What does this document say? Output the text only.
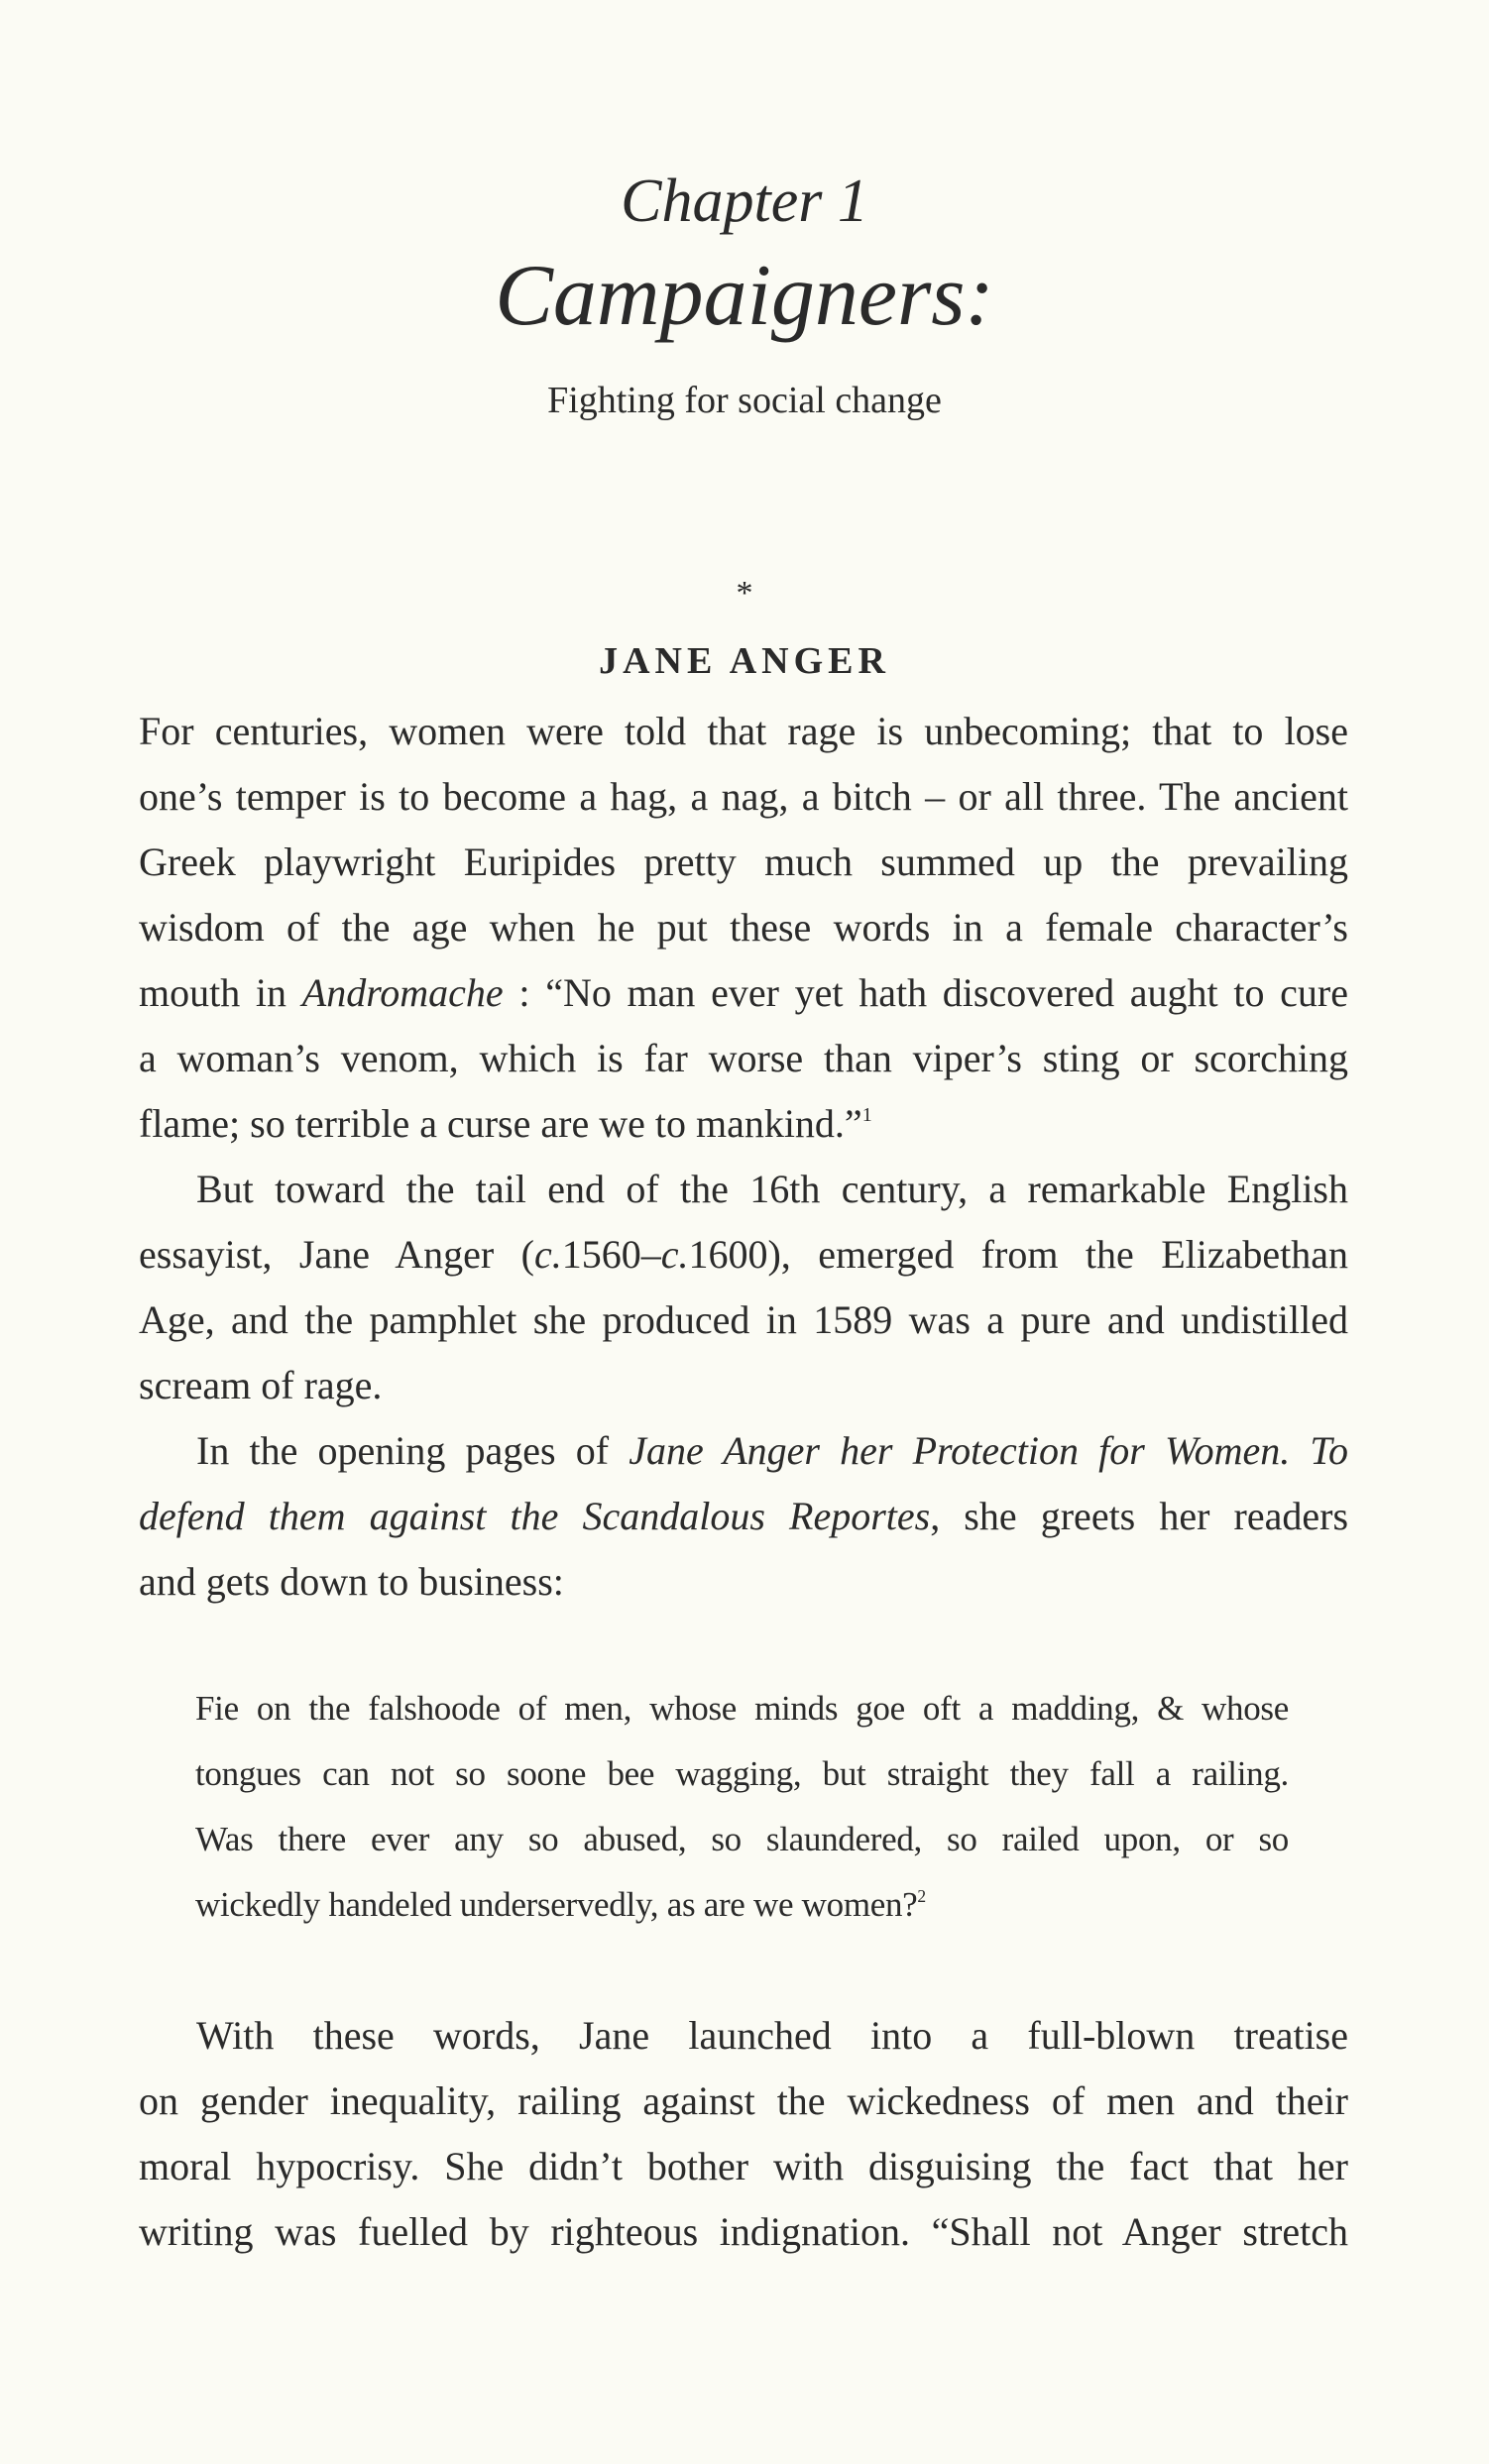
Chapter 1
Campaigners:
Fighting for social change
*
JANE ANGER
For centuries, women were told that rage is unbecoming; that to lose
one’s temper is to become a hag, a nag, a bitch – or all three. The ancient
Greek playwright Euripides pretty much summed up the prevailing
wisdom of the age when he put these words in a female character’s
mouth in Andromache : “No man ever yet hath discovered aught to cure
a woman’s venom, which is far worse than viper’s sting or scorching
flame; so terrible a curse are we to mankind.”$^1$
But toward the tail end of the 16th century, a remarkable English
essayist, Jane Anger (c.1560–c.1600), emerged from the Elizabethan
Age, and the pamphlet she produced in 1589 was a pure and undistilled
scream of rage.
In the opening pages of Jane Anger her Protection for Women. To
defend them against the Scandalous Reportes, she greets her readers
and gets down to business:
Fie on the falshoode of men, whose minds goe oft a madding, & whose
tongues can not so soone bee wagging, but straight they fall a railing.
Was there ever any so abused, so slaundered, so railed upon, or so
wickedly handeled underservedly, as are we women?$^2$
With these words, Jane launched into a full-blown treatise
on gender inequality, railing against the wickedness of men and their
moral hypocrisy. She didn’t bother with disguising the fact that her
writing was fuelled by righteous indignation. “Shall not Anger stretch
